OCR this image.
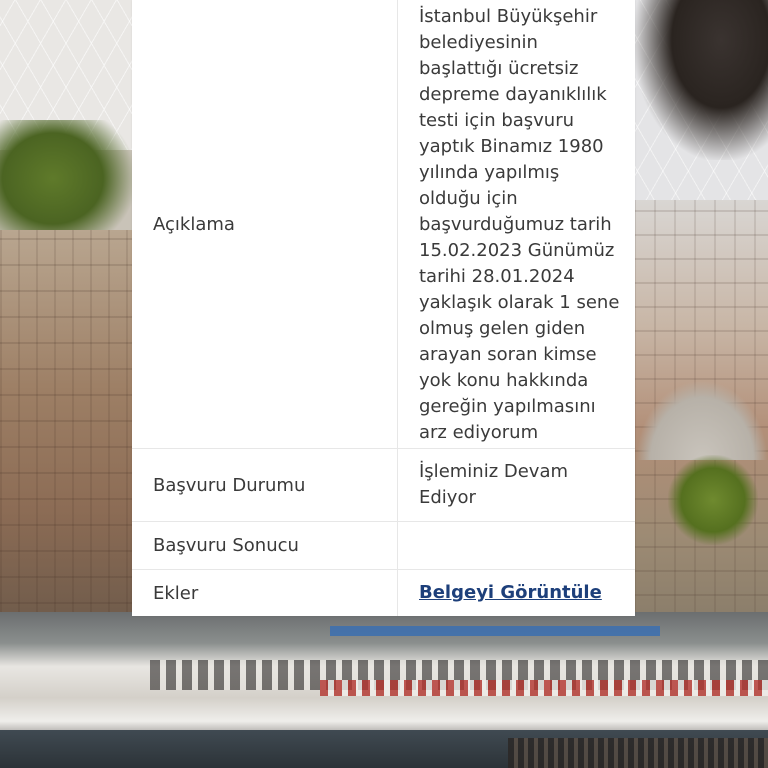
Açıklama
İstanbul Büyükşehir
belediyesinin
başlattığı ücretsiz
depreme dayanıklılık
testi için başvuru
yaptık Binamız 1980
yılında yapılmış
olduğu için
başvurduğumuz tarih
15.02.2023 Günümüz
tarihi 28.01.2024
yaklaşık olarak 1 sene
olmuş gelen giden
arayan soran kimse
yok konu hakkında
gereğin yapılmasını
arz ediyorum
Başvuru Durumu
İşleminiz Devam
Ediyor
Başvuru Sonucu
Ekler	Belgeyi Görüntüle
